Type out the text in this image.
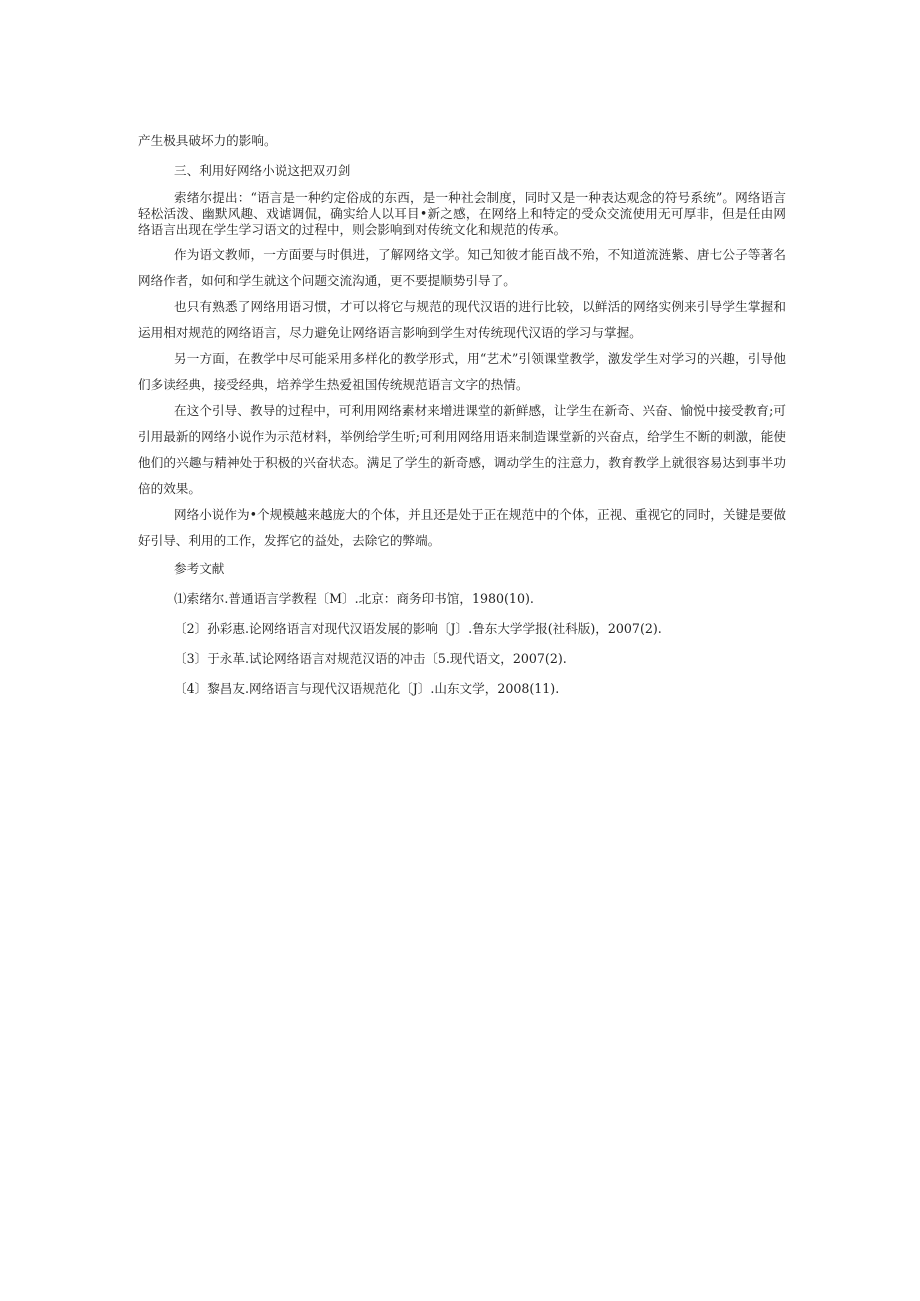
产生极具破坏力的影响。

三、利用好网络小说这把双刃剑

索绪尔提出：“语言是一种约定俗成的东西，是一种社会制度，同时又是一种表达观念的符号系统”。网络语言轻松活泼、幽默风趣、戏谑调侃，确实给人以耳目•新之感，在网络上和特定的受众交流使用无可厚非，但是任由网络语言出现在学生学习语文的过程中，则会影响到对传统文化和规范的传承。

作为语文教师，一方面要与时俱进，了解网络文学。知己知彼才能百战不殆，不知道流涟紫、唐七公子等著名网络作者，如何和学生就这个问题交流沟通，更不要提顺势引导了。

也只有熟悉了网络用语习惯，才可以将它与规范的现代汉语的进行比较，以鲜活的网络实例来引导学生掌握和运用相对规范的网络语言，尽力避免让网络语言影响到学生对传统现代汉语的学习与掌握。

另一方面，在教学中尽可能采用多样化的教学形式，用“艺术”引领课堂教学，激发学生对学习的兴趣，引导他们多读经典，接受经典，培养学生热爱祖国传统规范语言文字的热情。

在这个引导、教导的过程中，可利用网络素材来增进课堂的新鲜感，让学生在新奇、兴奋、愉悦中接受教育;可引用最新的网络小说作为示范材料，举例给学生听;可利用网络用语来制造课堂新的兴奋点，给学生不断的刺激，能使他们的兴趣与精神处于积极的兴奋状态。满足了学生的新奇感，调动学生的注意力，教育教学上就很容易达到事半功倍的效果。

网络小说作为•个规模越来越庞大的个体，并且还是处于正在规范中的个体，正视、重视它的同时，关键是要做好引导、利用的工作，发挥它的益处，去除它的弊端。

参考文献

⑴索绪尔.普通语言学教程〔M〕.北京：商务印书馆，1980(10).

〔2〕孙彩惠.论网络语言对现代汉语发展的影响〔J〕.鲁东大学学报(社科版)，2007(2).

〔3〕于永革.试论网络语言对规范汉语的冲击〔5.现代语文，2007(2).

〔4〕黎昌友.网络语言与现代汉语规范化〔J〕.山东文学，2008(11).
